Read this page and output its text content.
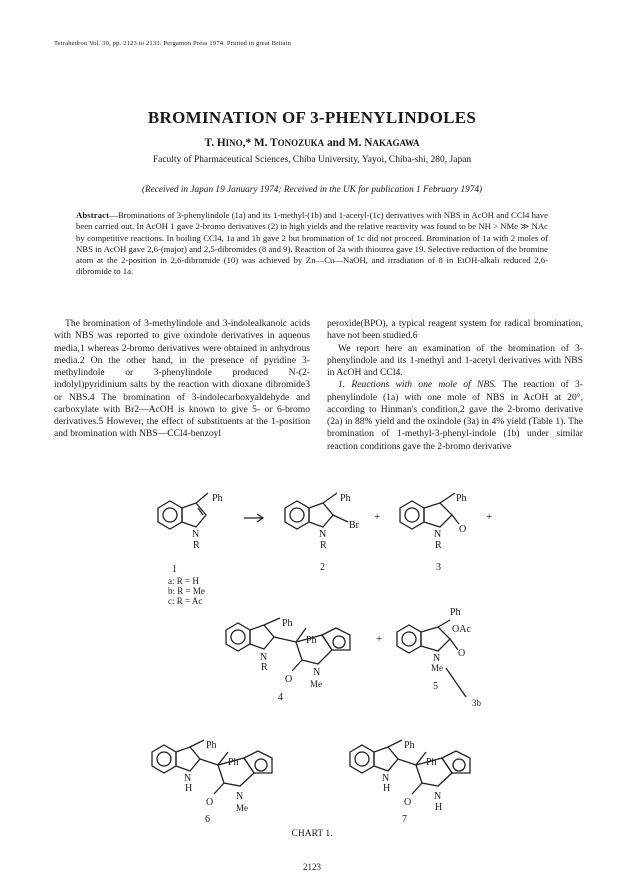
Tetrahedron Vol. 30, pp. 2123 to 2133. Pergamon Press 1974. Printed in great Britain
BROMINATION OF 3-PHENYLINDOLES
T. HINO,* M. TONOZUKA and M. NAKAGAWA
Faculty of Pharmaceutical Sciences, Chiba University, Yayoi, Chiba-shi, 280, Japan
(Received in Japan 19 January 1974; Received in the UK for publication 1 February 1974)
Abstract—Brominations of 3-phenylindole (1a) and its 1-methyl-(1b) and 1-acetyl-(1c) derivatives with NBS in AcOH and CCl4 have been carried out. In AcOH 1 gave 2-bromo derivatives (2) in high yields and the relative reactivity was found to be NH > NMe ≫ NAc by competitive reactions. In boiling CCl4, 1a and 1b gave 2 but bromination of 1c did not proceed. Bromination of 1a with 2 moles of NBS in AcOH gave 2,6-(major) and 2,5-dibromides (8 and 9). Reaction of 2a with thiourea gave 19. Selective reduction of the bromine atom at the 2-position in 2,6-dibromide (10) was achieved by Zn—Cu—NaOH, and irradiation of 8 in EtOH-alkali reduced 2,6-dibromide to 1a.

The bromination of 3-methylindole and 3-indolealkanoic acids with NBS was reported to give oxindole derivatives in aqueous media,1 whereas 2-bromo derivatives were obtained in anhydrous media.2 On the other hand, in the presence of pyridine 3-methylindole or 3-phenylindole produced N-(2-indolyl)pyridinium salts by the reaction with dioxane dibromide3 or NBS.4 The bromination of 3-indolecarboxyaldehyde and carboxylate with Br2—AcOH is known to give 5- or 6-bromo derivatives.5 However, the effect of substituents at the 1-position and bromination with NBS—CCl4-benzoyl

peroxide(BPO), a typical reagent system for radical bromination, have not been studied.6

We report here an examination of the bromination of 3-phenylindole and its 1-methyl and 1-acetyl derivatives with NBS in AcOH and CCl4.

1. Reactions with one mole of NBS. The reaction of 3-phenylindole (1a) with one mole of NBS in AcOH at 20°, according to Hinman's condition,2 gave the 2-bromo derivative (2a) in 88% yield and the oxindole (3a) in 4% yield (Table 1). The bromination of 1-methyl-3-phenyl-indole (1b) under similar reaction conditions gave the 2-bromo derivative

Ph
N
R
1
a: R = H
b: R = Me
c: R = Ac
Ph
Br
N
R
2
+
Ph
O
N
R
3
+
Ph
Ph
N
R
O
N
Me
4
+
Ph
OAc
O
N
Me
5
3b
Ph
Ph
N
H
O
N
Me
6
Ph
Ph
N
H
O
N
H
7
CHART 1.
2123
